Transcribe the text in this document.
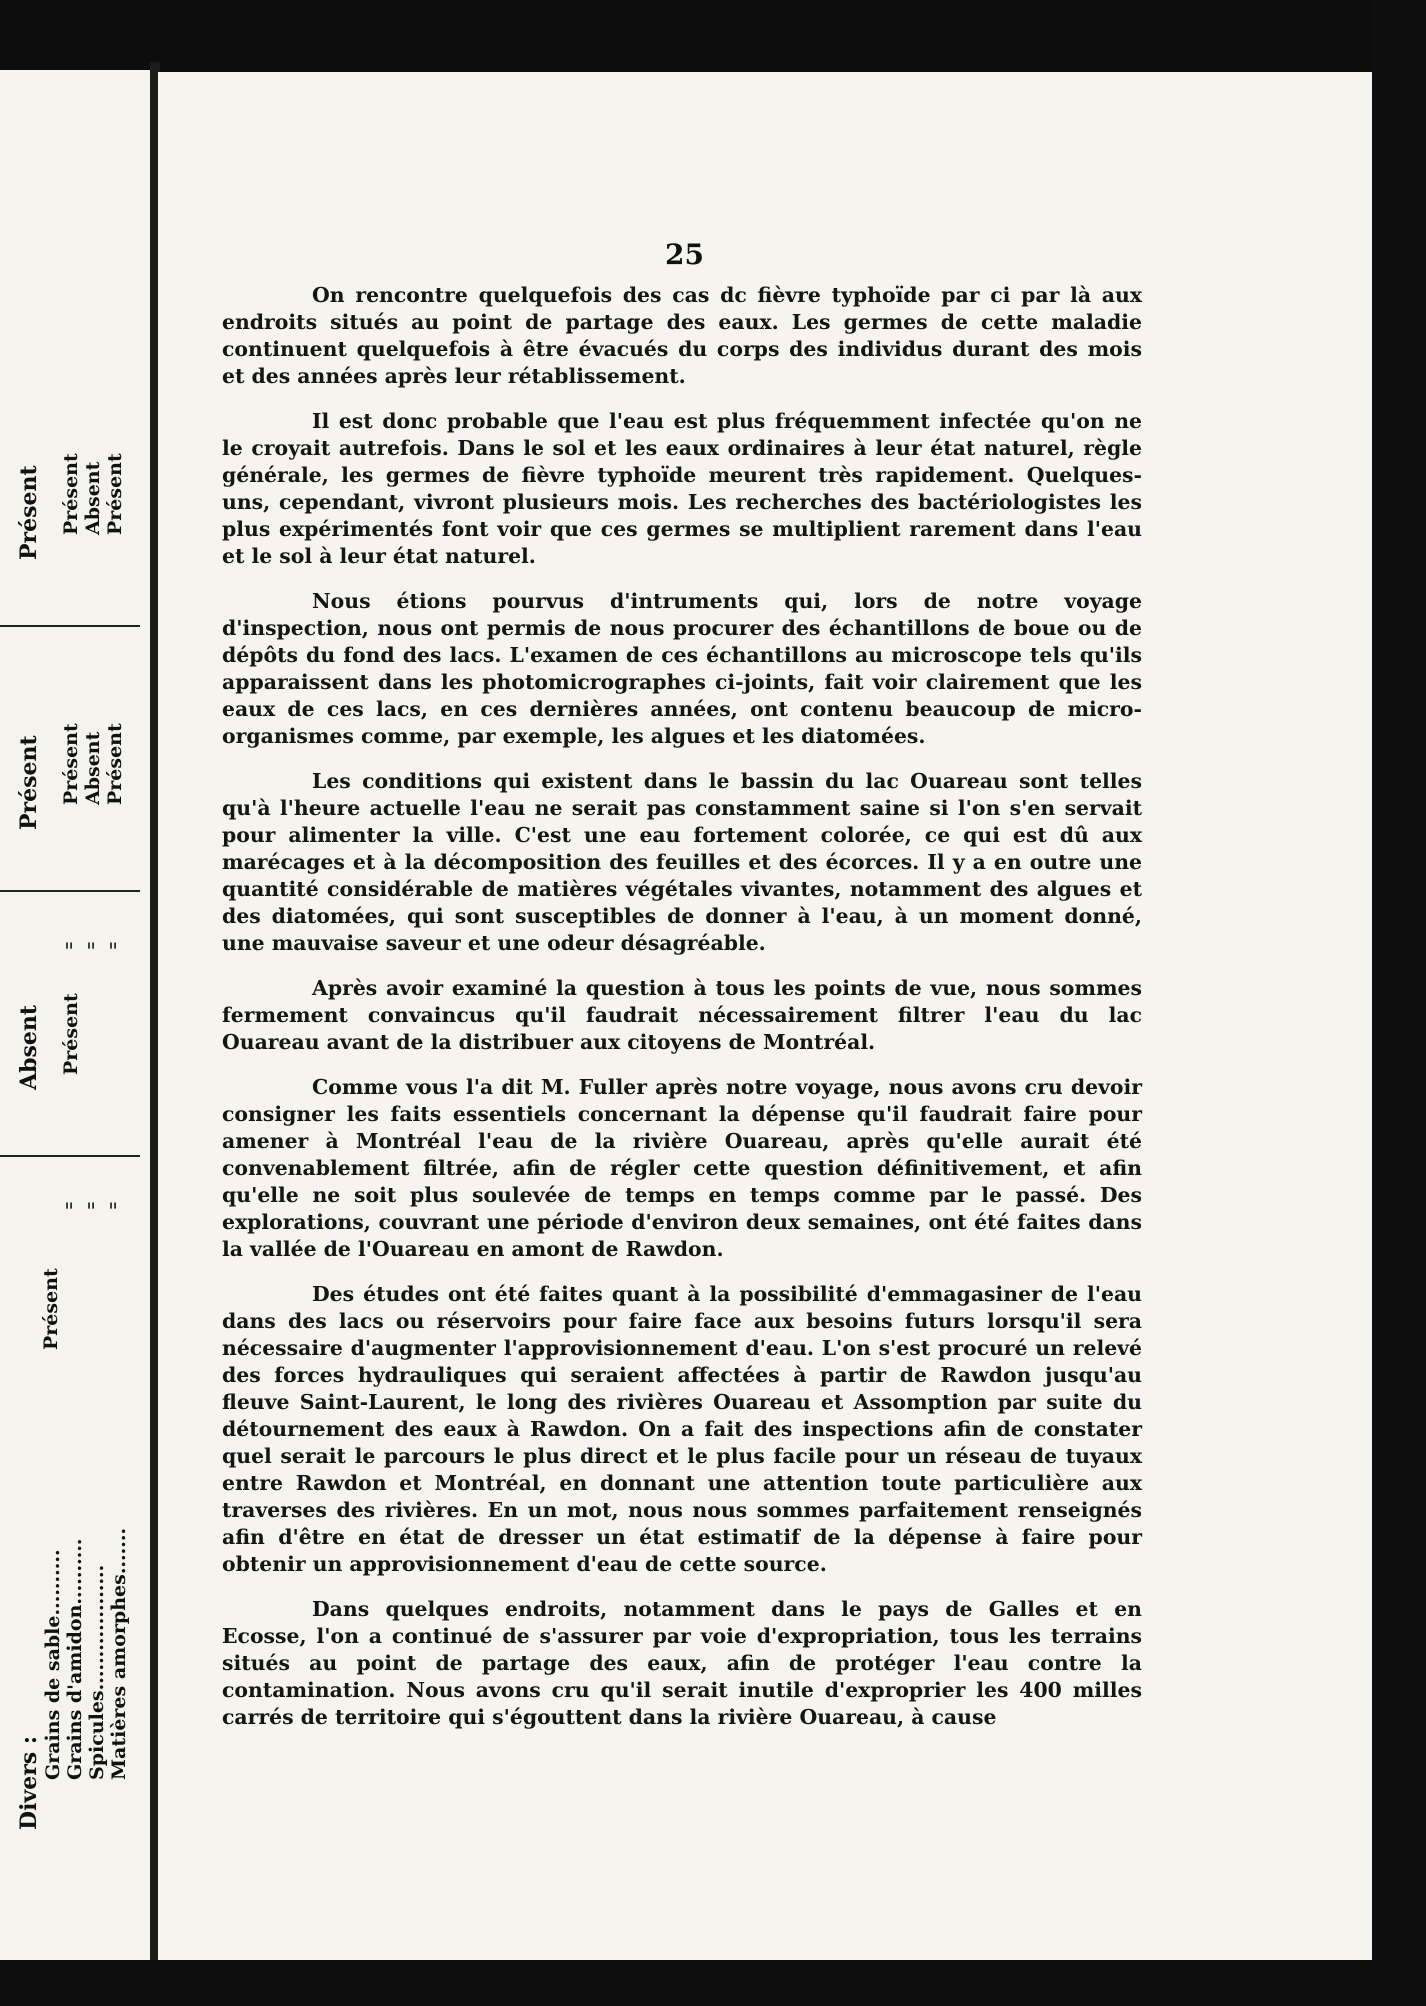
Présent Présent Absent Présent
Présent Présent Absent Présent
Absent Présent
" " "
Présent
" " "
Divers :
Grains de sable.......... Grains d'amidon.......... Spicules................... Matières amorphes.......
25

On rencontre quelquefois des cas dc fièvre typhoïde par ci par là aux endroits situés au point de partage des eaux. Les germes de cette maladie continuent quelquefois à être évacués du corps des individus durant des mois et des années après leur rétablissement.

Il est donc probable que l'eau est plus fréquemment infectée qu'on ne le croyait autrefois. Dans le sol et les eaux ordinaires à leur état naturel, règle générale, les germes de fièvre typhoïde meurent très rapidement. Quelques-uns, cependant, vivront plusieurs mois. Les recherches des bactériologistes les plus expérimentés font voir que ces germes se multiplient rarement dans l'eau et le sol à leur état naturel.

Nous étions pourvus d'intruments qui, lors de notre voyage d'inspection, nous ont permis de nous procurer des échantillons de boue ou de dépôts du fond des lacs. L'examen de ces échantillons au microscope tels qu'ils apparaissent dans les photomicrographes ci-joints, fait voir clairement que les eaux de ces lacs, en ces dernières années, ont contenu beaucoup de micro-organismes comme, par exemple, les algues et les diatomées.

Les conditions qui existent dans le bassin du lac Ouareau sont telles qu'à l'heure actuelle l'eau ne serait pas constamment saine si l'on s'en servait pour alimenter la ville. C'est une eau fortement colorée, ce qui est dû aux marécages et à la décomposition des feuilles et des écorces. Il y a en outre une quantité considérable de matières végétales vivantes, notamment des algues et des diatomées, qui sont susceptibles de donner à l'eau, à un moment donné, une mauvaise saveur et une odeur désagréable.

Après avoir examiné la question à tous les points de vue, nous sommes fermement convaincus qu'il faudrait nécessairement filtrer l'eau du lac Ouareau avant de la distribuer aux citoyens de Montréal.

Comme vous l'a dit M. Fuller après notre voyage, nous avons cru devoir consigner les faits essentiels concernant la dépense qu'il faudrait faire pour amener à Montréal l'eau de la rivière Ouareau, après qu'elle aurait été convenablement filtrée, afin de régler cette question définitivement, et afin qu'elle ne soit plus soulevée de temps en temps comme par le passé. Des explorations, couvrant une période d'environ deux semaines, ont été faites dans la vallée de l'Ouareau en amont de Rawdon.

Des études ont été faites quant à la possibilité d'emmagasiner de l'eau dans des lacs ou réservoirs pour faire face aux besoins futurs lorsqu'il sera nécessaire d'augmenter l'approvisionnement d'eau. L'on s'est procuré un relevé des forces hydrauliques qui seraient affectées à partir de Rawdon jusqu'au fleuve Saint-Laurent, le long des rivières Ouareau et Assomption par suite du détournement des eaux à Rawdon. On a fait des inspections afin de constater quel serait le parcours le plus direct et le plus facile pour un réseau de tuyaux entre Rawdon et Montréal, en donnant une attention toute particulière aux traverses des rivières. En un mot, nous nous sommes parfaitement renseignés afin d'être en état de dresser un état estimatif de la dépense à faire pour obtenir un approvisionnement d'eau de cette source.

Dans quelques endroits, notamment dans le pays de Galles et en Ecosse, l'on a continué de s'assurer par voie d'expropriation, tous les terrains situés au point de partage des eaux, afin de protéger l'eau contre la contamination. Nous avons cru qu'il serait inutile d'exproprier les 400 milles carrés de territoire qui s'égouttent dans la rivière Ouareau, à cause
